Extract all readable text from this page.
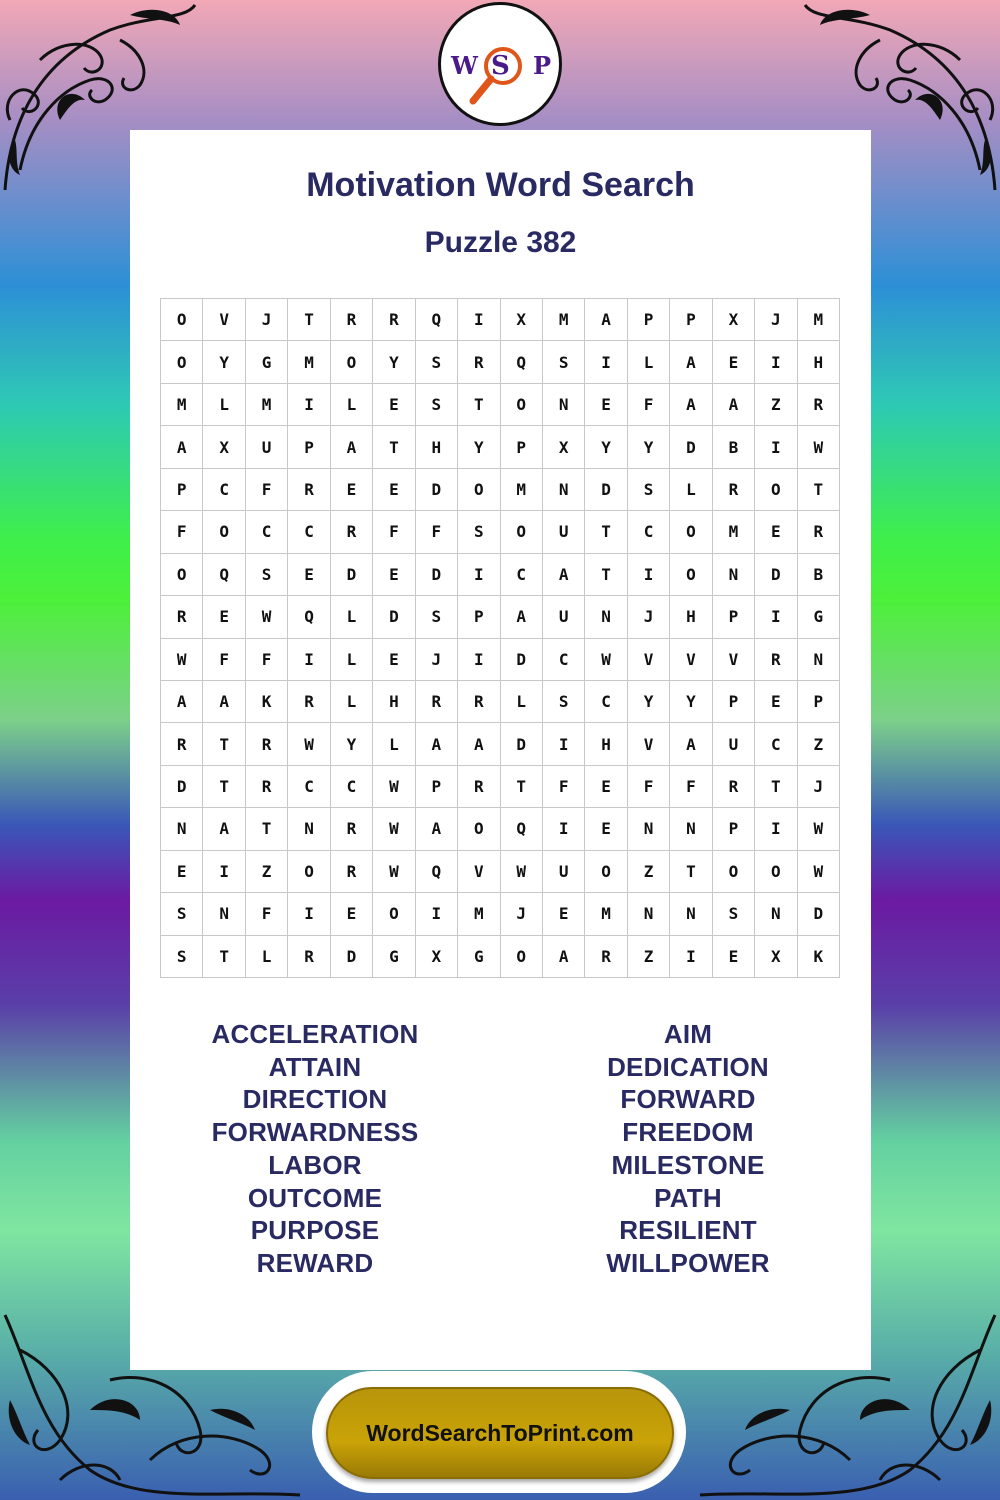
W S P
Motivation Word Search
Puzzle 382
O	V	J	T	R	R	Q	I	X	M	A	P	P	X	J	M
O	Y	G	M	O	Y	S	R	Q	S	I	L	A	E	I	H
M	L	M	I	L	E	S	T	O	N	E	F	A	A	Z	R
A	X	U	P	A	T	H	Y	P	X	Y	Y	D	B	I	W
P	C	F	R	E	E	D	O	M	N	D	S	L	R	O	T
F	O	C	C	R	F	F	S	O	U	T	C	O	M	E	R
O	Q	S	E	D	E	D	I	C	A	T	I	O	N	D	B
R	E	W	Q	L	D	S	P	A	U	N	J	H	P	I	G
W	F	F	I	L	E	J	I	D	C	W	V	V	V	R	N
A	A	K	R	L	H	R	R	L	S	C	Y	Y	P	E	P
R	T	R	W	Y	L	A	A	D	I	H	V	A	U	C	Z
D	T	R	C	C	W	P	R	T	F	E	F	F	R	T	J
N	A	T	N	R	W	A	O	Q	I	E	N	N	P	I	W
E	I	Z	O	R	W	Q	V	W	U	O	Z	T	O	O	W
S	N	F	I	E	O	I	M	J	E	M	N	N	S	N	D
S	T	L	R	D	G	X	G	O	A	R	Z	I	E	X	K
ACCELERATION
ATTAIN
DIRECTION
FORWARDNESS
LABOR
OUTCOME
PURPOSE
REWARD
AIM
DEDICATION
FORWARD
FREEDOM
MILESTONE
PATH
RESILIENT
WILLPOWER
WordSearchToPrint.com
